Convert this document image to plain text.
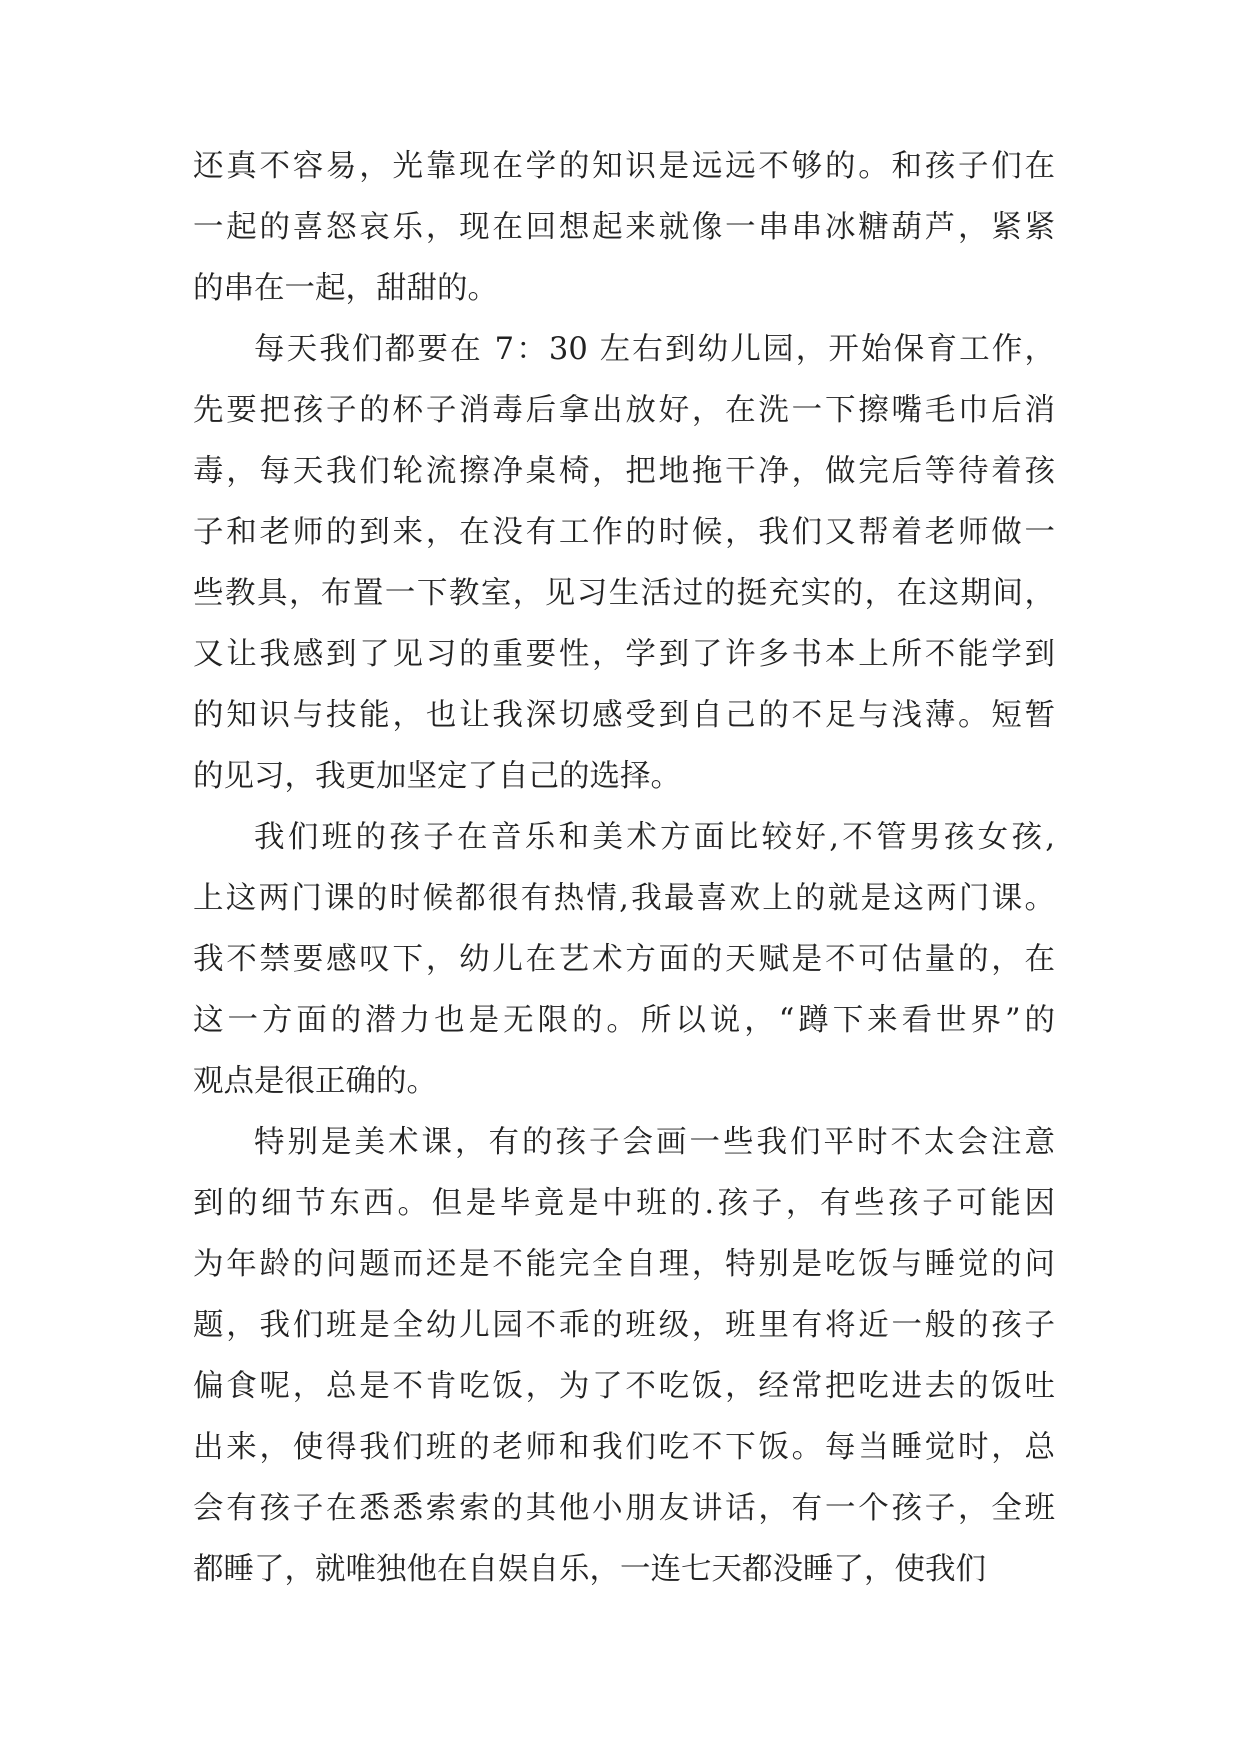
还真不容易，光靠现在学的知识是远远不够的。和孩子们在
一起的喜怒哀乐，现在回想起来就像一串串冰糖葫芦，紧紧
的串在一起，甜甜的。
每天我们都要在 7：30 左右到幼儿园，开始保育工作，
先要把孩子的杯子消毒后拿出放好，在洗一下擦嘴毛巾后消
毒，每天我们轮流擦净桌椅，把地拖干净，做完后等待着孩
子和老师的到来，在没有工作的时候，我们又帮着老师做一
些教具，布置一下教室，见习生活过的挺充实的，在这期间，
又让我感到了见习的重要性，学到了许多书本上所不能学到
的知识与技能，也让我深切感受到自己的不足与浅薄。短暂
的见习，我更加坚定了自己的选择。
我们班的孩子在音乐和美术方面比较好,不管男孩女孩,
上这两门课的时候都很有热情,我最喜欢上的就是这两门课。
我不禁要感叹下，幼儿在艺术方面的天赋是不可估量的，在
这一方面的潜力也是无限的。所以说，“蹲下来看世界”的
观点是很正确的。
特别是美术课，有的孩子会画一些我们平时不太会注意
到的细节东西。但是毕竟是中班的.孩子，有些孩子可能因
为年龄的问题而还是不能完全自理，特别是吃饭与睡觉的问
题，我们班是全幼儿园不乖的班级，班里有将近一般的孩子
偏食呢，总是不肯吃饭，为了不吃饭，经常把吃进去的饭吐
出来，使得我们班的老师和我们吃不下饭。每当睡觉时，总
会有孩子在悉悉索索的其他小朋友讲话，有一个孩子，全班
都睡了，就唯独他在自娱自乐，一连七天都没睡了，使我们
